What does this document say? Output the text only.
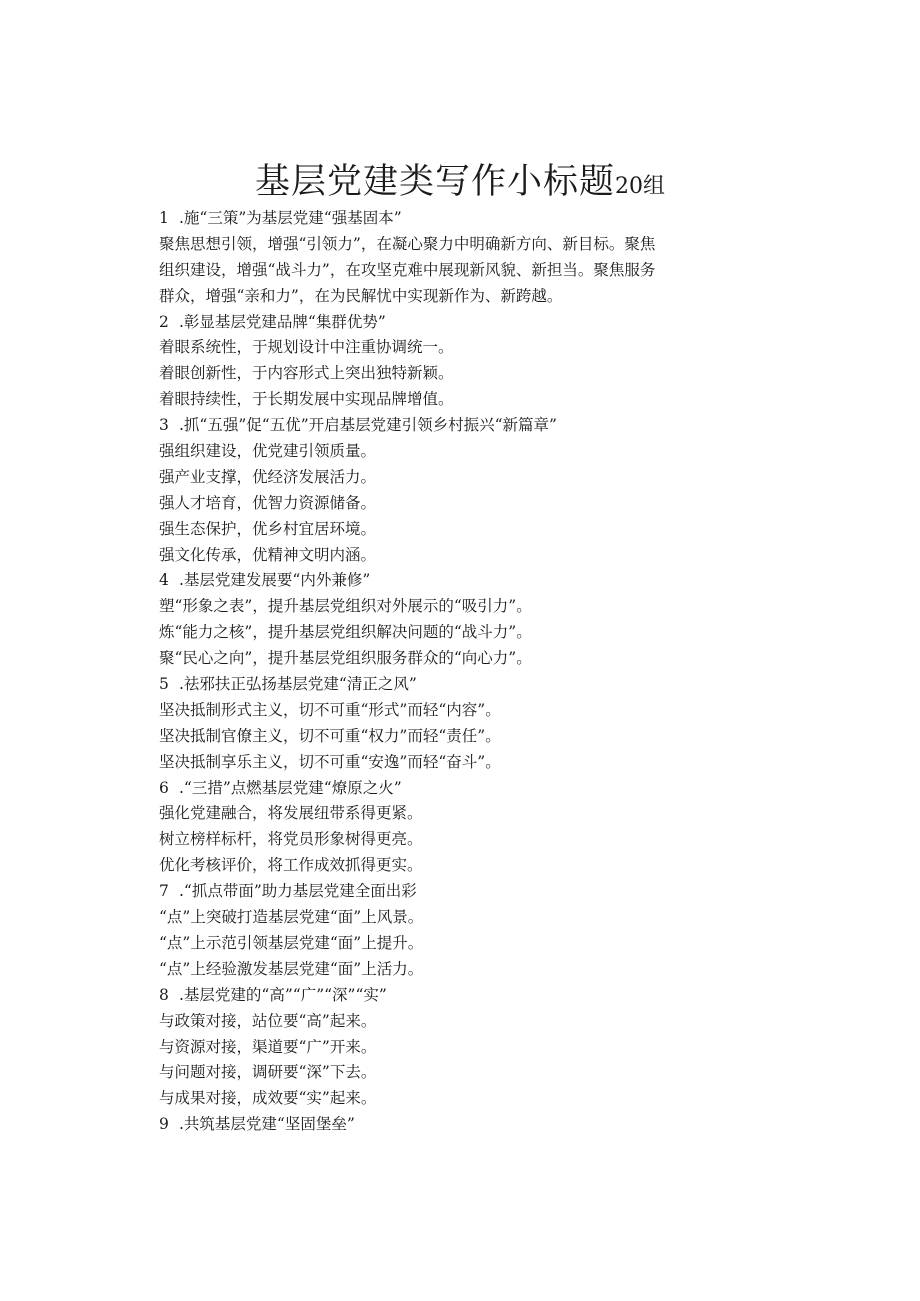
基层党建类写作小标题20组
1 .施“三策”为基层党建“强基固本”
聚焦思想引领，增强“引领力”，在凝心聚力中明确新方向、新目标。聚焦
组织建设，增强“战斗力”，在攻坚克难中展现新风貌、新担当。聚焦服务
群众，增强“亲和力”，在为民解忧中实现新作为、新跨越。
2 .彰显基层党建品牌“集群优势”
着眼系统性，于规划设计中注重协调统一。
着眼创新性，于内容形式上突出独特新颖。
着眼持续性，于长期发展中实现品牌增值。
3 .抓“五强”促“五优”开启基层党建引领乡村振兴“新篇章”
强组织建设，优党建引领质量。
强产业支撑，优经济发展活力。
强人才培育，优智力资源储备。
强生态保护，优乡村宜居环境。
强文化传承，优精神文明内涵。
4 .基层党建发展要“内外兼修”
塑“形象之表”，提升基层党组织对外展示的“吸引力”。
炼“能力之核”，提升基层党组织解决问题的“战斗力”。
聚“民心之向”，提升基层党组织服务群众的“向心力”。
5 .祛邪扶正弘扬基层党建“清正之风”
坚决抵制形式主义，切不可重“形式”而轻“内容”。
坚决抵制官僚主义，切不可重“权力”而轻“责任”。
坚决抵制享乐主义，切不可重“安逸”而轻“奋斗”。
6 .“三措”点燃基层党建“燎原之火”
强化党建融合，将发展纽带系得更紧。
树立榜样标杆，将党员形象树得更亮。
优化考核评价，将工作成效抓得更实。
7 .“抓点带面”助力基层党建全面出彩
“点”上突破打造基层党建“面”上风景。
“点”上示范引领基层党建“面”上提升。
“点”上经验激发基层党建“面”上活力。
8 .基层党建的“高”“广”“深”“实”
与政策对接，站位要“高”起来。
与资源对接，渠道要“广”开来。
与问题对接，调研要“深”下去。
与成果对接，成效要“实”起来。
9 .共筑基层党建“坚固堡垒”
